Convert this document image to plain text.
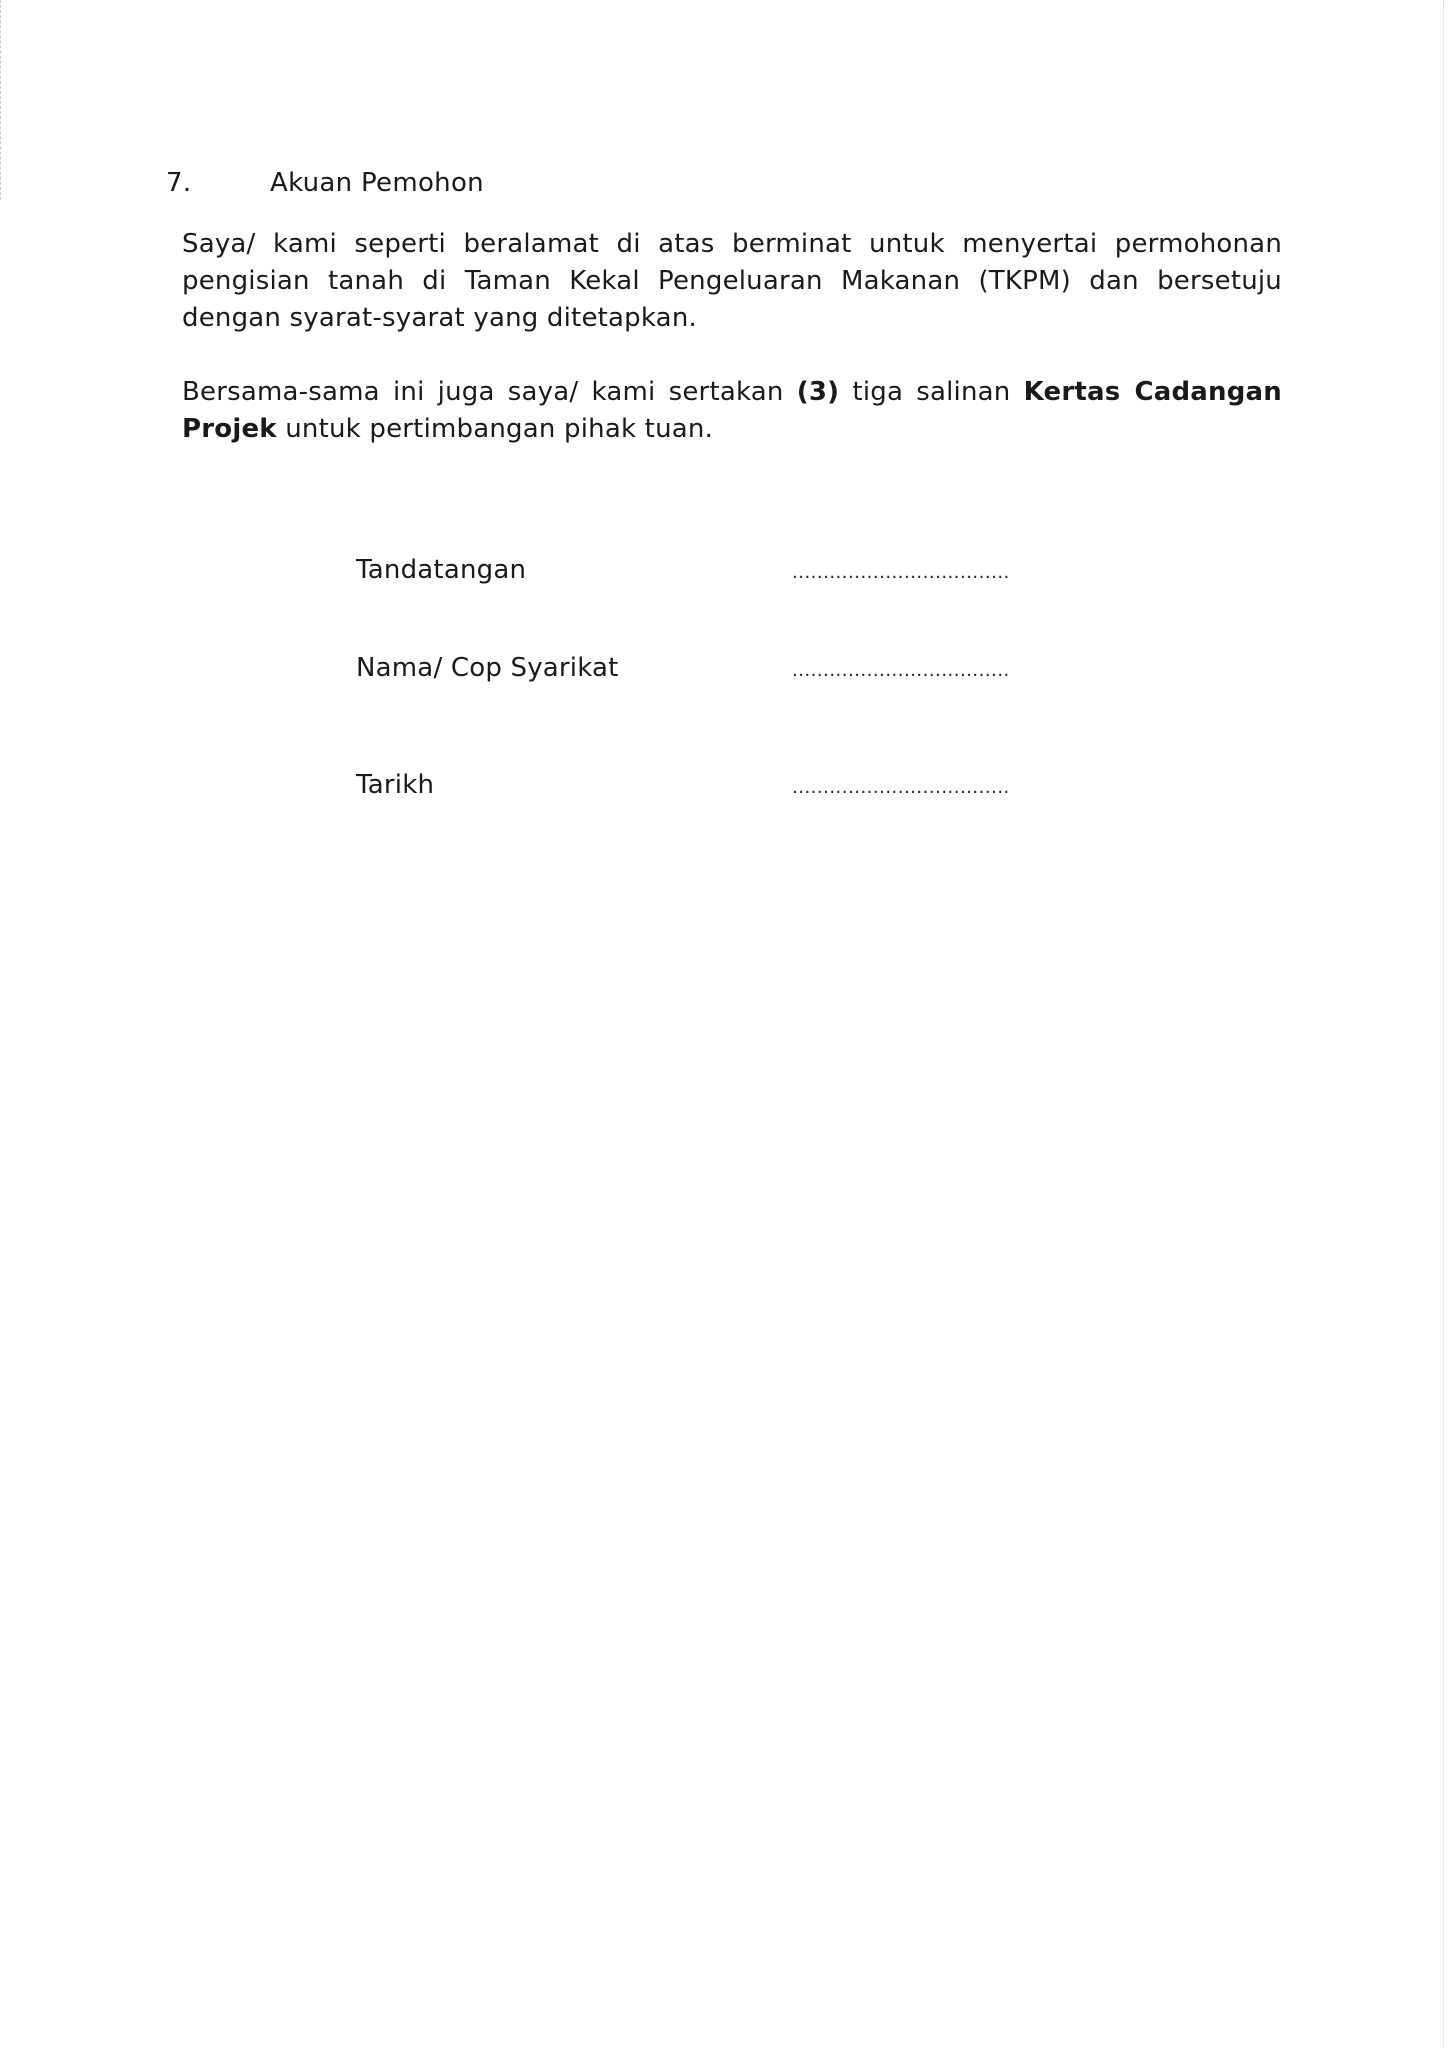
7.	Akuan Pemohon
Saya/ kami seperti beralamat di atas berminat untuk menyertai permohonan pengisian tanah di Taman Kekal Pengeluaran Makanan (TKPM) dan bersetuju dengan syarat-syarat yang ditetapkan.
Bersama-sama ini juga saya/ kami sertakan (3) tiga salinan Kertas Cadangan Projek untuk pertimbangan pihak tuan.
Tandatangan	...................................
Nama/ Cop Syarikat	...................................
Tarikh	...................................
